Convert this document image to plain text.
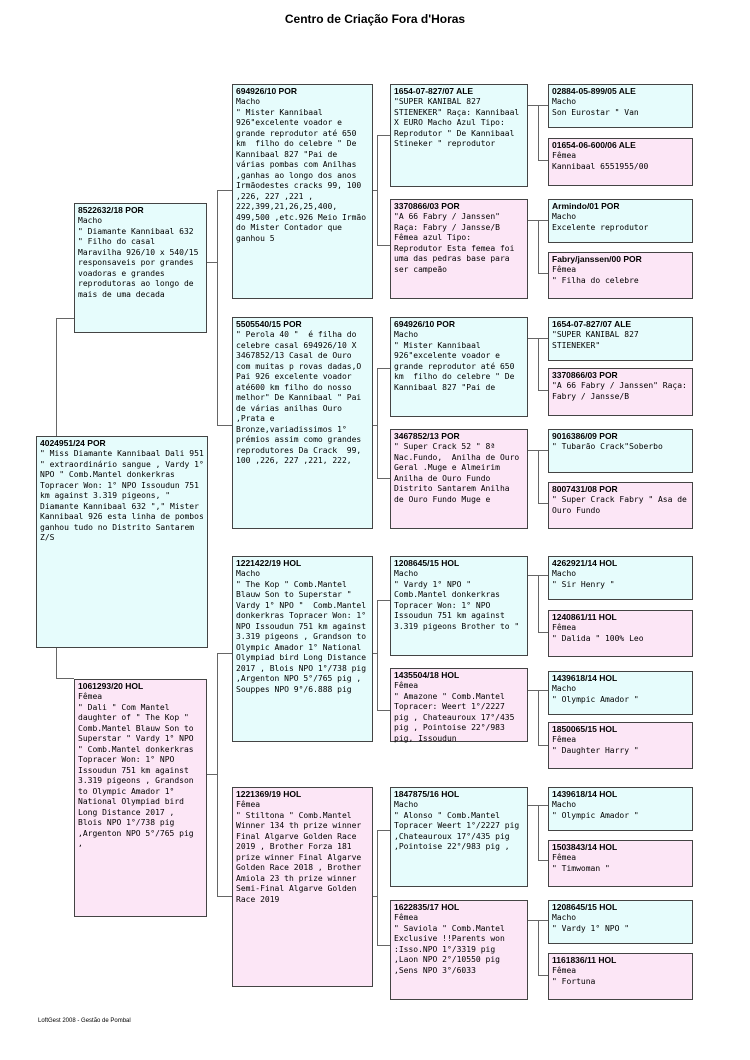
Centro de Criação Fora d'Horas
4024951/24 POR
" Miss Diamante Kannibaal Dali 951 " extraordinário sangue , Vardy 1° NPO " Comb.Mantel donkerkras Topracer Won: 1° NPO Issoudun 751 km against 3.319 pigeons, " Diamante Kannibaal 632 "," Mister Kannibaal 926 esta linha de pombos ganhou tudo no Distrito Santarem Z/S
8522632/18 POR
Macho
" Diamante Kannibaal 632 " Filho do casal Maravilha 926/10 x 540/15 responsaveis por grandes voadoras e grandes reprodutoras ao longo de mais de uma decada
1061293/20 HOL
Fêmea
" Dali " Com Mantel daughter of " The Kop " Comb.Mantel Blauw Son to Superstar " Vardy 1° NPO " Comb.Mantel donkerkras Topracer Won: 1° NPO Issoudun 751 km against 3.319 pigeons , Grandson to Olympic Amador 1° National Olympiad bird Long Distance 2017 , Blois NPO 1°/738 pig ,Argenton NPO 5°/765 pig ,
694926/10 POR
Macho
" Mister Kannibaal 926"excelente voador e grande reprodutor até 650 km  filho do celebre " De Kannibaal 827 "Pai de várias pombas com Anilhas ,ganhas ao longo dos anos Irmãodestes cracks 99, 100 ,226, 227 ,221 , 222,399,21,26,25,400, 499,500 ,etc.926 Meio Irmão do Mister Contador que ganhou 5
5505540/15 POR
" Perola 40 "  é filha do celebre casal 694926/10 X 3467852/13 Casal de Ouro com muitas p rovas dadas,O Pai 926 excelente voador até600 km filho do nosso melhor" De Kannibaal " Pai de várias anilhas Ouro ,Prata e Bronze,variadissimos 1° prémios assim como grandes reprodutores Da Crack  99, 100 ,226, 227 ,221, 222,
1221422/19 HOL
Macho
" The Kop " Comb.Mantel Blauw Son to Superstar " Vardy 1° NPO "  Comb.Mantel donkerkras Topracer Won: 1° NPO Issoudun 751 km against 3.319 pigeons , Grandson to Olympic Amador 1° National Olympiad bird Long Distance 2017 , Blois NPO 1°/738 pig ,Argenton NPO 5°/765 pig , Souppes NPO 9°/6.888 pig
1221369/19 HOL
Fêmea
" Stiltona " Comb.Mantel Winner 134 th prize winner Final Algarve Golden Race 2019 , Brother Forza 181 prize winner Final Algarve Golden Race 2018 , Brother Amiola 23 th prize winner Semi-Final Algarve Golden Race 2019
1654-07-827/07 ALE
"SUPER KANIBAL 827 STIENEKER" Raça: Kannibaal X EURO Macho Azul Tipo: Reprodutor " De Kannibaal Stineker " reprodutor
3370866/03 POR
"A 66 Fabry / Janssen" Raça: Fabry / Jansse/B Fêmea azul Tipo: Reprodutor Esta femea foi uma das pedras base para ser campeão
694926/10 POR
Macho
" Mister Kannibaal 926"excelente voador e grande reprodutor até 650 km  filho do celebre " De Kannibaal 827 "Pai de
3467852/13 POR
" Super Crack 52 " 8ª Nac.Fundo,  Anilha de Ouro Geral .Muge e Almeirim Anilha de Ouro Fundo Distrito Santarem Anilha de Ouro Fundo Muge e
1208645/15 HOL
Macho
" Vardy 1° NPO " Comb.Mantel donkerkras Topracer Won: 1° NPO Issoudun 751 km against 3.319 pigeons Brother to "
1435504/18 HOL
Fêmea
" Amazone " Comb.Mantel Topracer: Weert 1°/2227 pig , Chateauroux 17°/435 pig , Pointoise 22°/983 pig, Issoudun
1847875/16 HOL
Macho
" Alonso " Comb.Mantel Topracer Weert 1°/2227 pig ,Chateauroux 17°/435 pig ,Pointoise 22°/983 pig ,
1622835/17 HOL
Fêmea
" Saviola " Comb.Mantel Exclusive !!Parents won :Isso.NPO 1°/3319 pig ,Laon NPO 2°/10550 pig ,Sens NPO 3°/6033
02884-05-899/05 ALE
Macho
Son Eurostar " Van
01654-06-600/06 ALE
Fêmea
Kannibaal 6551955/00
Armindo/01 POR
Macho
Excelente reprodutor
Fabry/janssen/00 POR
Fêmea
" Filha do celebre
1654-07-827/07 ALE
"SUPER KANIBAL 827 STIENEKER"
3370866/03 POR
"A 66 Fabry / Janssen" Raça: Fabry / Jansse/B
9016386/09 POR
" Tubarão Crack"Soberbo
8007431/08 POR
" Super Crack Fabry " Asa de Ouro Fundo
4262921/14 HOL
Macho
" Sir Henry "
1240861/11 HOL
Fêmea
" Dalida " 100% Leo
1439618/14 HOL
Macho
" Olympic Amador "
1850065/15 HOL
Fêmea
" Daughter Harry "
1439618/14 HOL
Macho
" Olympic Amador "
1503843/14 HOL
Fêmea
" Timwoman "
1208645/15 HOL
Macho
" Vardy 1° NPO "
1161836/11 HOL
Fêmea
" Fortuna
LoftGest 2008 - Gestão de Pombal
